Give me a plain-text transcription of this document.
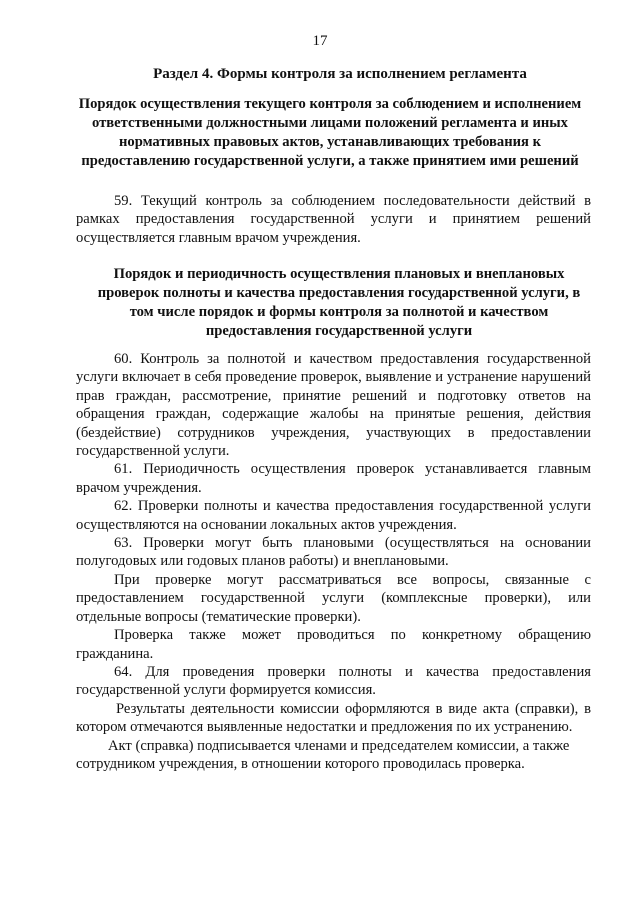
17
Раздел 4. Формы контроля за исполнением регламента
Порядок осуществления текущего контроля за соблюдением и исполнением ответственными должностными лицами положений регламента и иных нормативных правовых актов, устанавливающих требования к предоставлению государственной услуги, а также принятием ими решений

59. Текущий контроль за соблюдением последовательности действий в рамках предоставления государственной услуги и принятием решений осуществляется главным врачом учреждения.

Порядок и периодичность осуществления плановых и внеплановых проверок полноты и качества предоставления государственной услуги, в том числе порядок и формы контроля за полнотой и качеством предоставления государственной услуги

60. Контроль за полнотой и качеством предоставления государственной услуги включает в себя проведение проверок, выявление и устранение нарушений прав граждан, рассмотрение, принятие решений и подготовку ответов на обращения граждан, содержащие жалобы на принятые решения, действия (бездействие) сотрудников учреждения, участвующих в предоставлении государственной услуги.

61. Периодичность осуществления проверок устанавливается главным врачом учреждения.

62. Проверки полноты и качества предоставления государственной услуги осуществляются на основании локальных актов учреждения.

63. Проверки могут быть плановыми (осуществляться на основании полугодовых или годовых планов работы) и внеплановыми.

При проверке могут рассматриваться все вопросы, связанные с предоставлением государственной услуги (комплексные проверки), или отдельные вопросы (тематические проверки).

Проверка также может проводиться по конкретному обращению гражданина.

64. Для проведения проверки полноты и качества предоставления государственной услуги формируется комиссия.

Результаты деятельности комиссии оформляются в виде акта (справки), в котором отмечаются выявленные недостатки и предложения по их устранению.

Акт (справка) подписывается членами и председателем комиссии, а также сотрудником учреждения, в отношении которого проводилась проверка.
